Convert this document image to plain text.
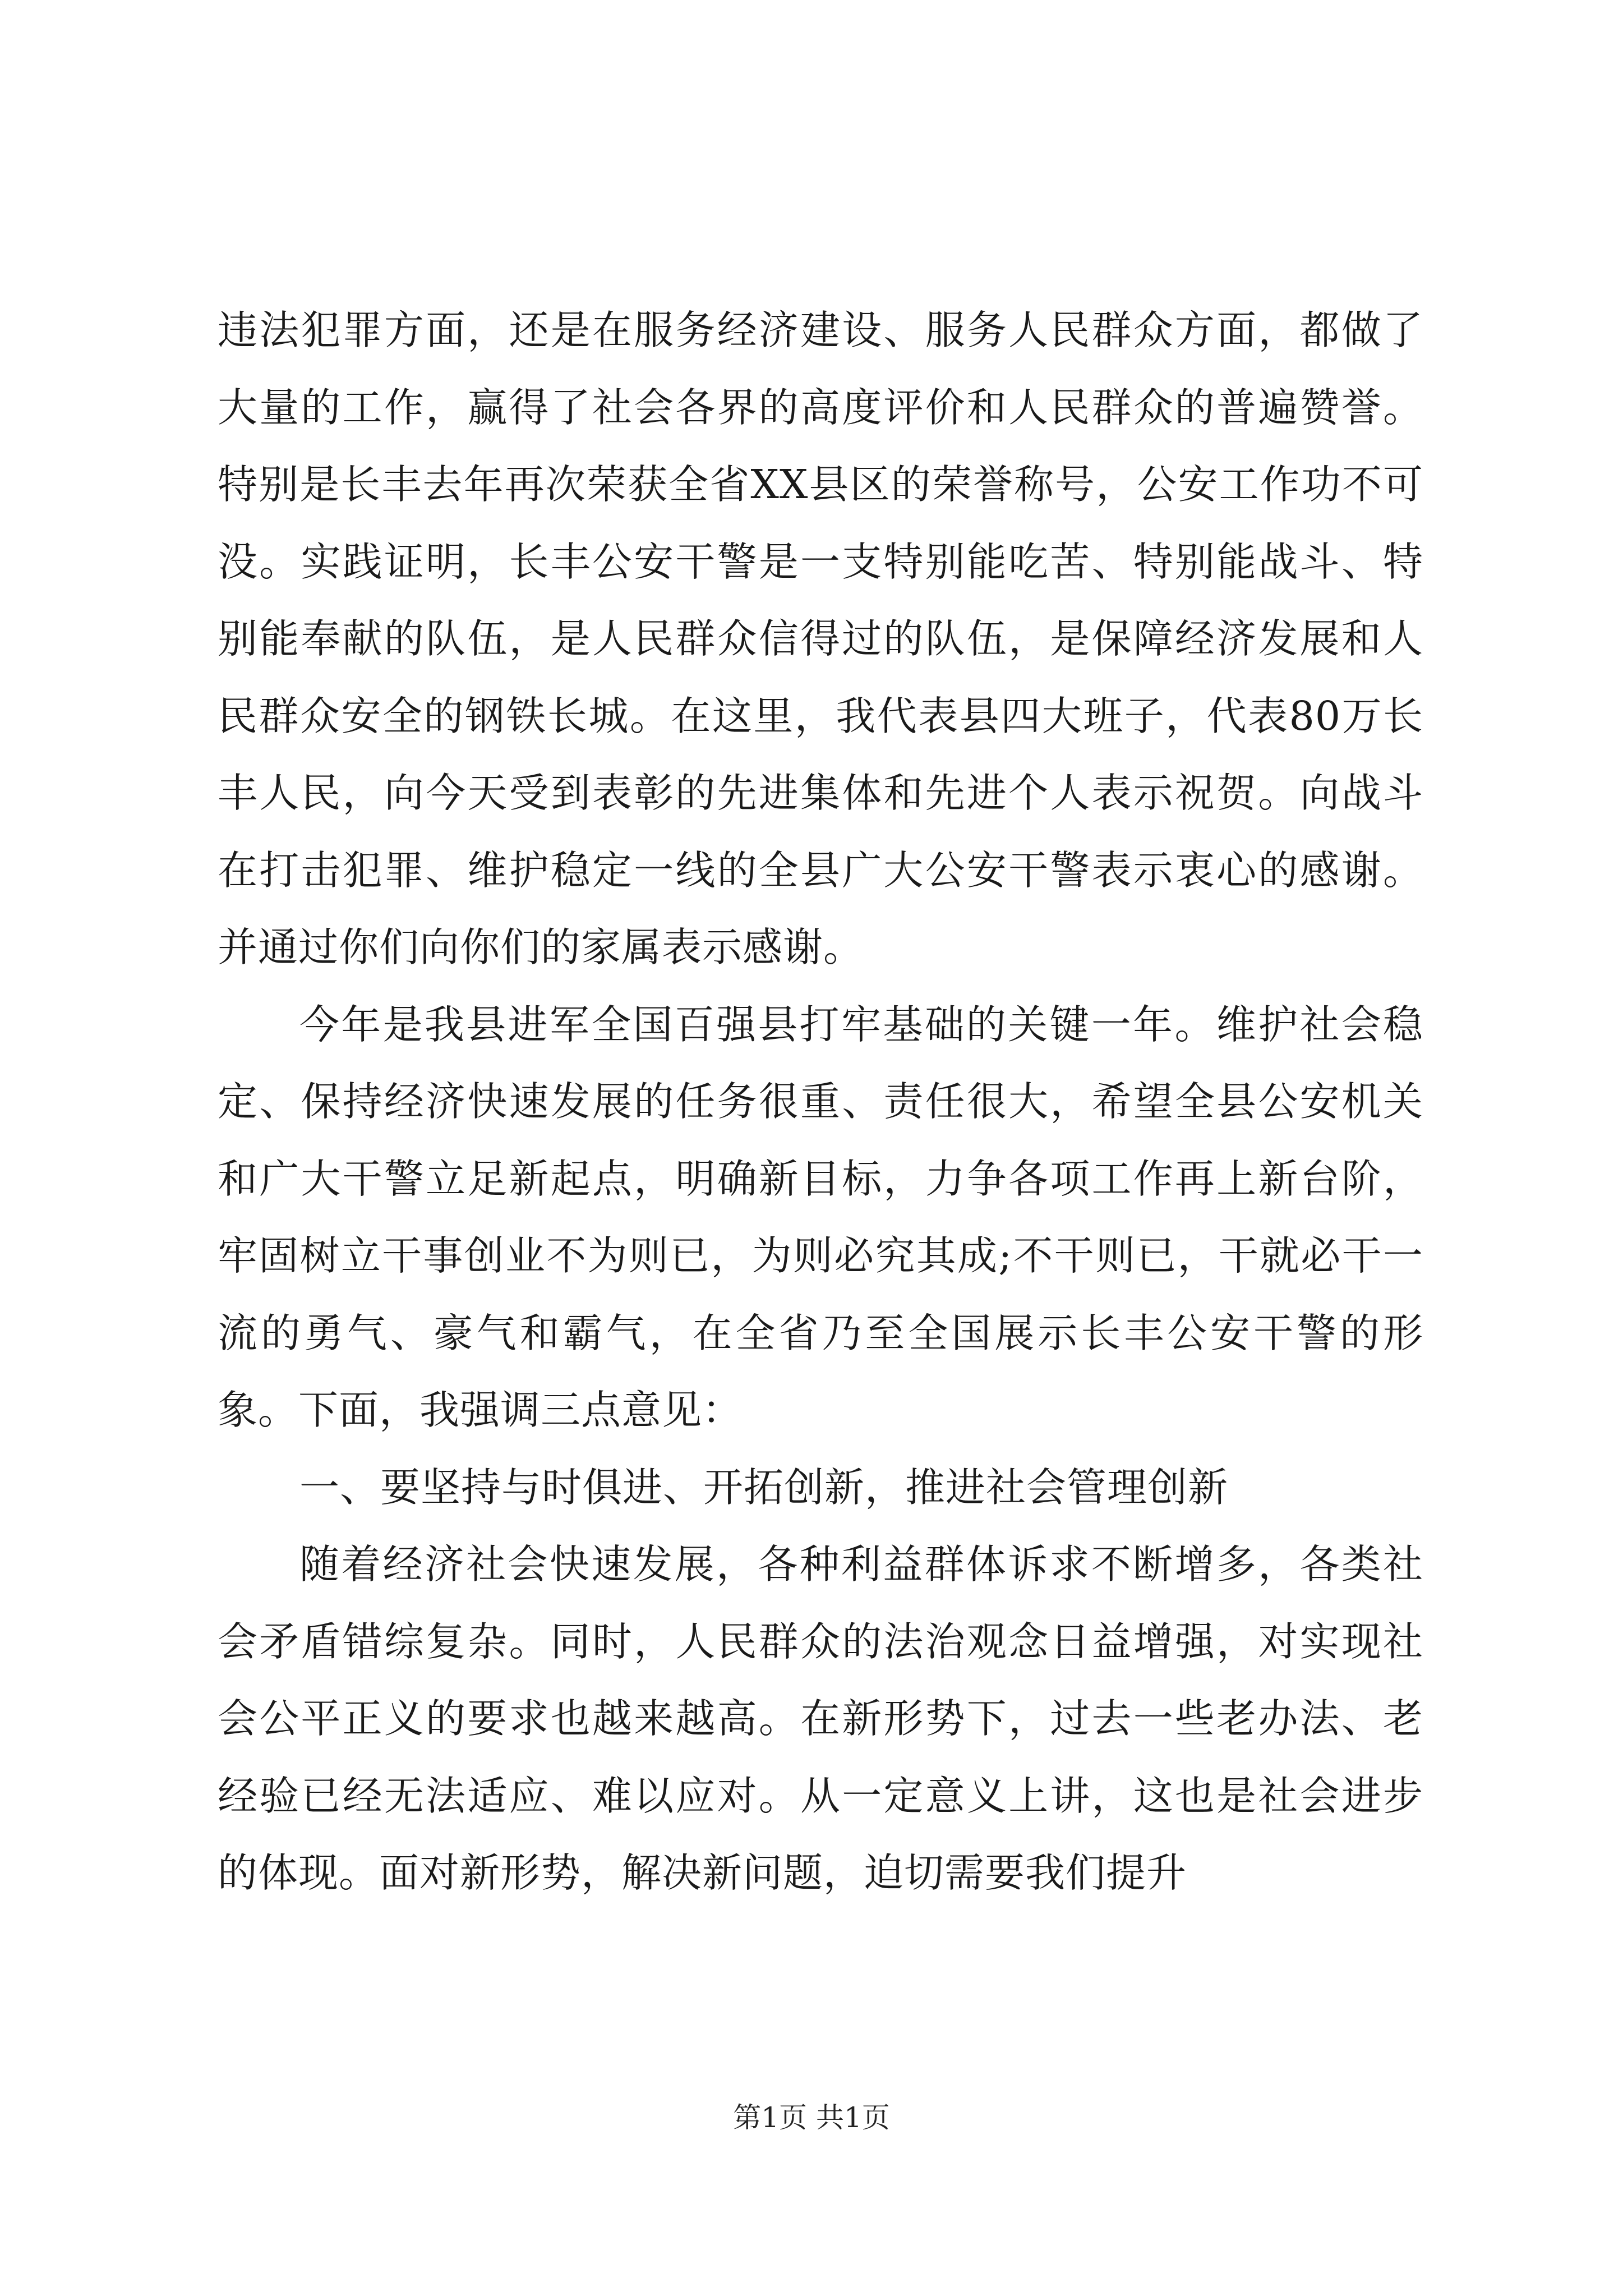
违法犯罪方面，还是在服务经济建设、服务人民群众方面，都做了大量的工作，赢得了社会各界的高度评价和人民群众的普遍赞誉。特别是长丰去年再次荣获全省XX县区的荣誉称号，公安工作功不可没。实践证明，长丰公安干警是一支特别能吃苦、特别能战斗、特别能奉献的队伍，是人民群众信得过的队伍，是保障经济发展和人民群众安全的钢铁长城。在这里，我代表县四大班子，代表80万长丰人民，向今天受到表彰的先进集体和先进个人表示祝贺。向战斗在打击犯罪、维护稳定一线的全县广大公安干警表示衷心的感谢。并通过你们向你们的家属表示感谢。

今年是我县进军全国百强县打牢基础的关键一年。维护社会稳定、保持经济快速发展的任务很重、责任很大，希望全县公安机关和广大干警立足新起点，明确新目标，力争各项工作再上新台阶，牢固树立干事创业不为则已，为则必究其成;不干则已，干就必干一流的勇气、豪气和霸气，在全省乃至全国展示长丰公安干警的形象。下面，我强调三点意见：

一、要坚持与时俱进、开拓创新，推进社会管理创新

随着经济社会快速发展，各种利益群体诉求不断增多，各类社会矛盾错综复杂。同时，人民群众的法治观念日益增强，对实现社会公平正义的要求也越来越高。在新形势下，过去一些老办法、老经验已经无法适应、难以应对。从一定意义上讲，这也是社会进步的体现。面对新形势，解决新问题，迫切需要我们提升

第1页 共1页
